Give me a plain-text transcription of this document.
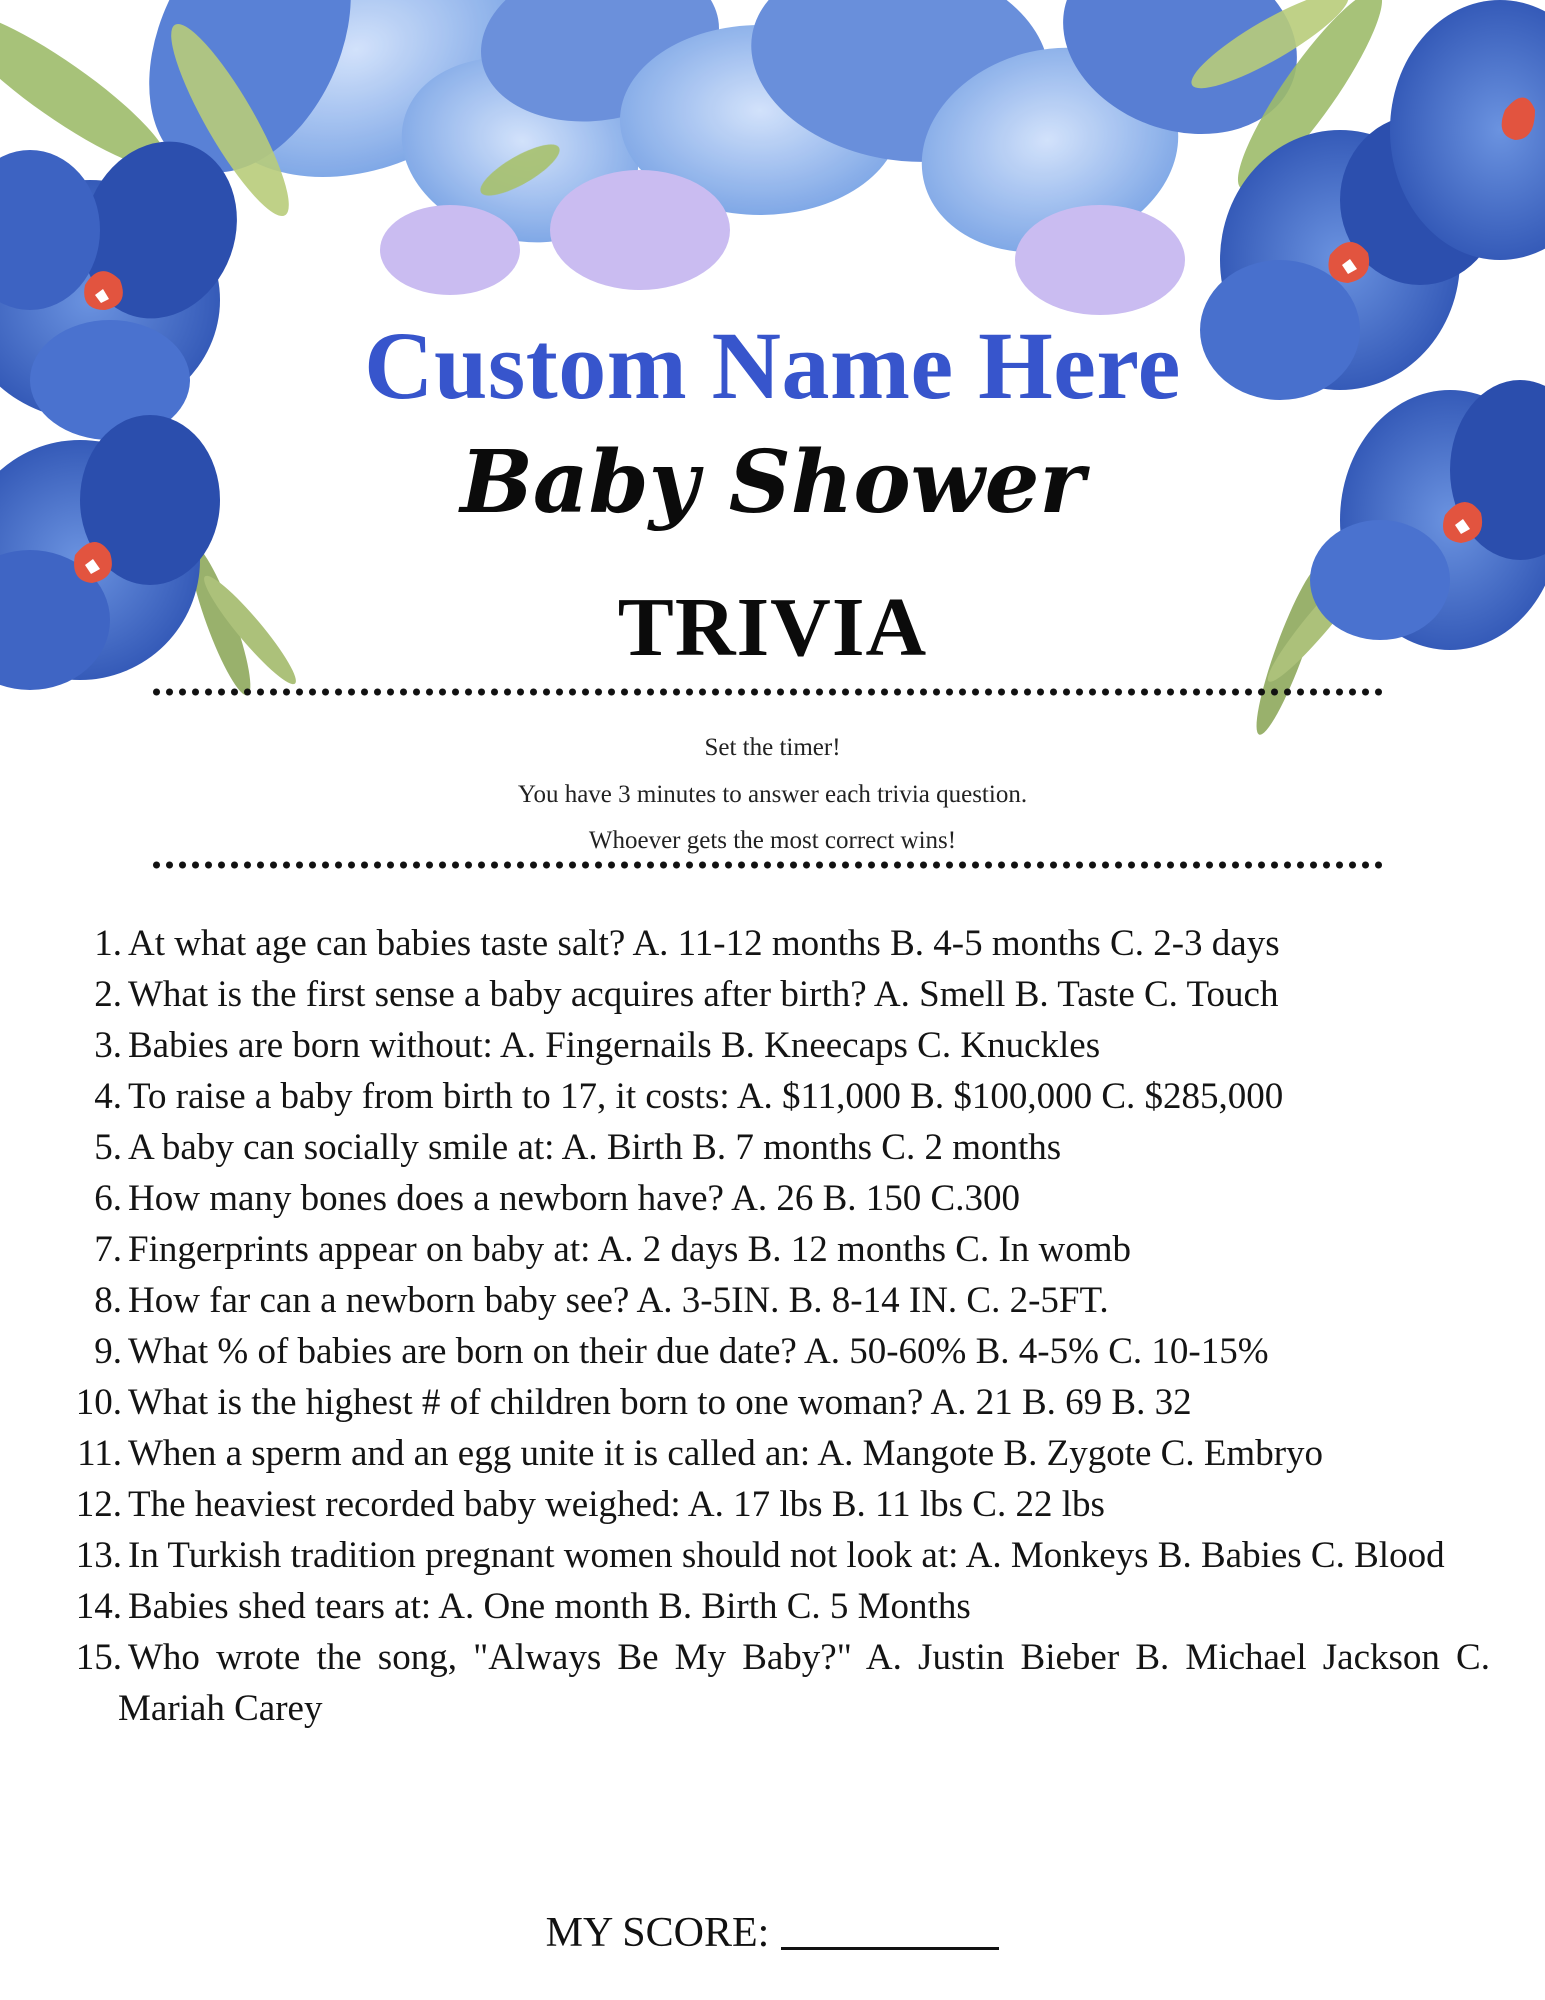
Custom Name Here
Baby Shower
TRIVIA
Set the timer!
You have 3 minutes to answer each trivia question.
Whoever gets the most correct wins!
1. At what age can babies taste salt? A. 11-12 months B. 4-5 months C. 2-3 days
2. What is the first sense a baby acquires after birth? A. Smell B. Taste C. Touch
3. Babies are born without: A. Fingernails B. Kneecaps C. Knuckles
4. To raise a baby from birth to 17, it costs: A. $11,000 B. $100,000 C. $285,000
5. A baby can socially smile at: A. Birth B. 7 months C. 2 months
6. How many bones does a newborn have? A. 26 B. 150 C.300
7. Fingerprints appear on baby at: A. 2 days B. 12 months C. In womb
8. How far can a newborn baby see? A. 3-5IN. B. 8-14 IN. C. 2-5FT.
9. What % of babies are born on their due date? A. 50-60% B. 4-5% C. 10-15%
10. What is the highest # of children born to one woman? A. 21 B. 69 B. 32
11. When a sperm and an egg unite it is called an: A. Mangote B. Zygote C. Embryo
12. The heaviest recorded baby weighed: A. 17 lbs B. 11 lbs C. 22 lbs
13. In Turkish tradition pregnant women should not look at: A. Monkeys B. Babies C. Blood
14. Babies shed tears at: A. One month B. Birth C. 5 Months
15. Who wrote the song, "Always Be My Baby?" A. Justin Bieber B. Michael Jackson C. Mariah Carey
MY SCORE:
